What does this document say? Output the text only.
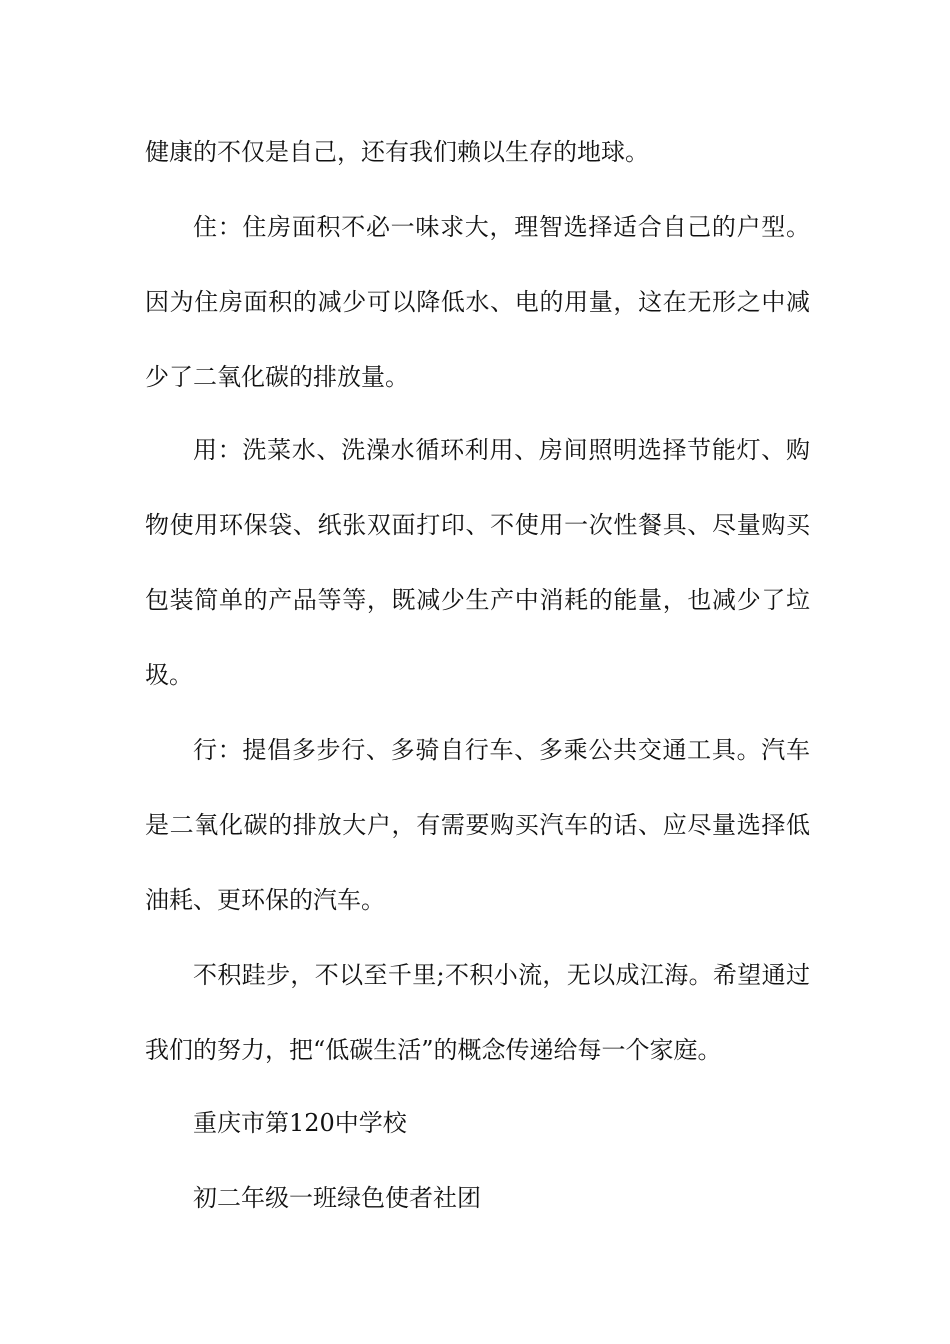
健康的不仅是自己，还有我们赖以生存的地球。
住：住房面积不必一味求大，理智选择适合自己的户型。
因为住房面积的减少可以降低水、电的用量，这在无形之中减
少了二氧化碳的排放量。
用：洗菜水、洗澡水循环利用、房间照明选择节能灯、购
物使用环保袋、纸张双面打印、不使用一次性餐具、尽量购买
包装简单的产品等等，既减少生产中消耗的能量，也减少了垃
圾。
行：提倡多步行、多骑自行车、多乘公共交通工具。汽车
是二氧化碳的排放大户，有需要购买汽车的话、应尽量选择低
油耗、更环保的汽车。
不积跬步，不以至千里;不积小流，无以成江海。希望通过
我们的努力，把“低碳生活”的概念传递给每一个家庭。
重庆市第120中学校
初二年级一班绿色使者社团
